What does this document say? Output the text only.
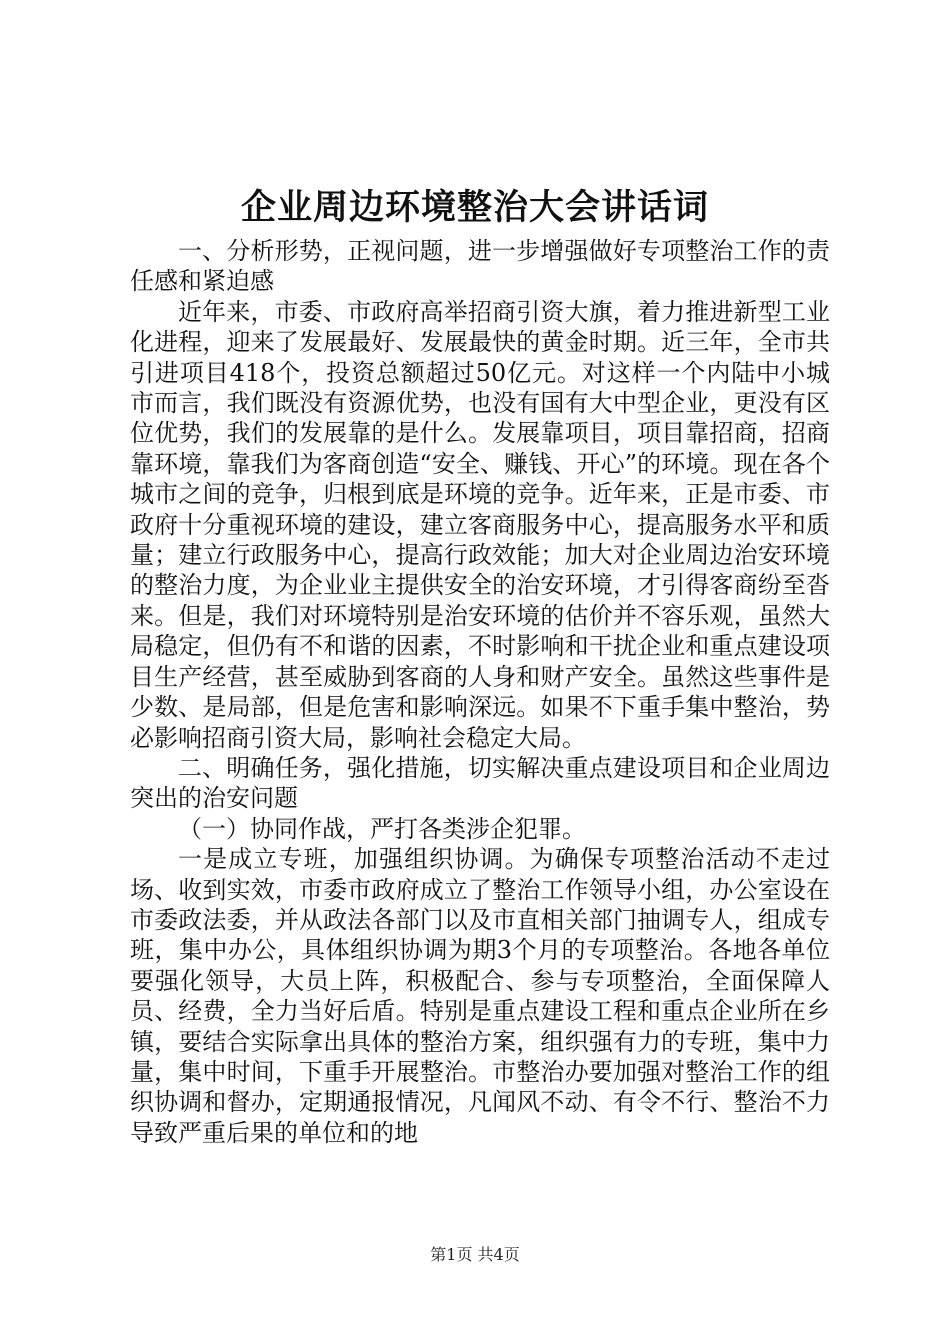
企业周边环境整治大会讲话词

一、分析形势，正视问题，进一步增强做好专项整治工作的责任感和紧迫感

近年来，市委、市政府高举招商引资大旗，着力推进新型工业化进程，迎来了发展最好、发展最快的黄金时期。近三年，全市共引进项目418个，投资总额超过50亿元。对这样一个内陆中小城市而言，我们既没有资源优势，也没有国有大中型企业，更没有区位优势，我们的发展靠的是什么。发展靠项目，项目靠招商，招商靠环境，靠我们为客商创造“安全、赚钱、开心”的环境。现在各个城市之间的竞争，归根到底是环境的竞争。近年来，正是市委、市政府十分重视环境的建设，建立客商服务中心，提高服务水平和质量；建立行政服务中心，提高行政效能；加大对企业周边治安环境的整治力度，为企业业主提供安全的治安环境，才引得客商纷至沓来。但是，我们对环境特别是治安环境的估价并不容乐观，虽然大局稳定，但仍有不和谐的因素，不时影响和干扰企业和重点建设项目生产经营，甚至威胁到客商的人身和财产安全。虽然这些事件是少数、是局部，但是危害和影响深远。如果不下重手集中整治，势必影响招商引资大局，影响社会稳定大局。

二、明确任务，强化措施，切实解决重点建设项目和企业周边突出的治安问题

（一）协同作战，严打各类涉企犯罪。

一是成立专班，加强组织协调。为确保专项整治活动不走过场、收到实效，市委市政府成立了整治工作领导小组，办公室设在市委政法委，并从政法各部门以及市直相关部门抽调专人，组成专班，集中办公，具体组织协调为期3个月的专项整治。各地各单位要强化领导，大员上阵，积极配合、参与专项整治，全面保障人员、经费，全力当好后盾。特别是重点建设工程和重点企业所在乡镇，要结合实际拿出具体的整治方案，组织强有力的专班，集中力量，集中时间，下重手开展整治。市整治办要加强对整治工作的组织协调和督办，定期通报情况，凡闻风不动、有令不行、整治不力导致严重后果的单位和的地

第1页 共4页
